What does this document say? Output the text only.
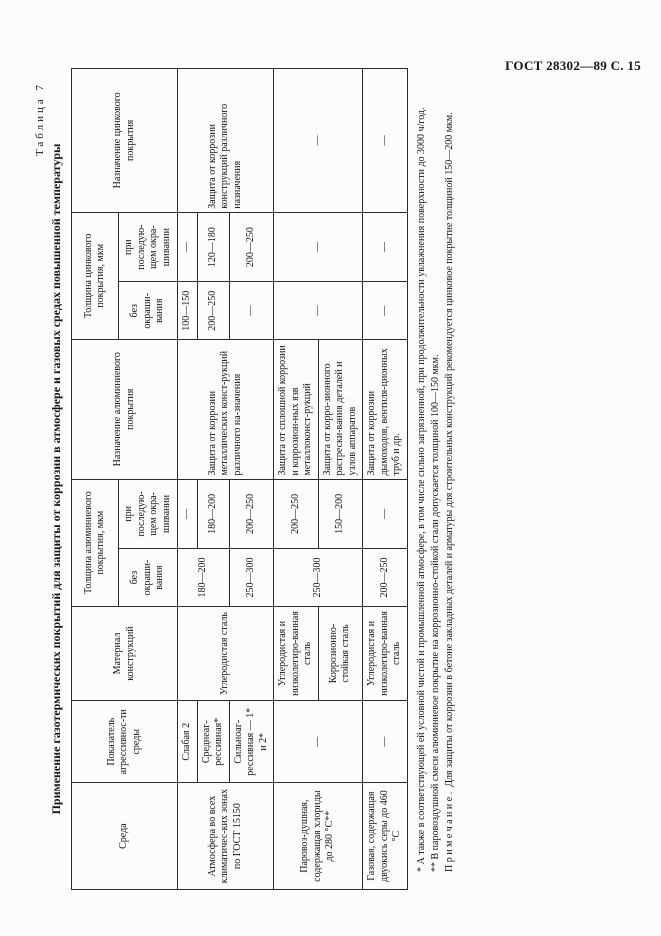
ГОСТ 28302—89 С. 15
Таблица 7
Применение газотермических покрытий для защиты от коррозии в атмосфере и газовых средах повышенной температуры
Среда	Показатель агрессивнос-ти среды	Материал конструкций	Толщина алюминиевого покрытия, мкм		Назначение алюминиевого покрытия	Толщина цинкового покрытия, мкм		Назначение цинкового покрытия
			без окраши-вания	при последую-щем окра-шивании		без окраши-вания	при последую-щем окра-шивании	
Атмосфера во всех климатичес-ких зонах по ГОСТ 15150	Слабая 2	Углеродистая сталь	180—200	—	Защита от коррозии металлических конст-рукций различного на-значения	100—150	—	Защита от коррозии конструкций различного назначения
	Среднеаг-рессивная*			180—200		200—250	120—180	
	Сильноаг-рессивная — 1* и 2*		250—300	200—250		—	200—250	
Паровоз-душная, содержащая хлориды до 280 °С**	—	Углеродистая и низколегиро-ванная сталь	250—300	200—250	Защита от сплошной коррозии и коррозион-ных язв металлоконст-рукций	—	—	—
		Коррозионно-стойкая сталь		150—200	Защита от корро-зионного растрески-вания деталей и узлов аппаратов			
Газовая, содержащая двуокись серы до 460 °С	—	Углеродистая и низколегиро-ванная сталь	200—250	—	Защита от коррозии дымоходов, вентиля-ционных труб и др.	—	—	—	* А также в соответствующей ей условной чистой и промышленной атмосфере, в том числе сильно загрязненной, при продолжительности увлажнения поверхности до 3000 ч/год. ** В паровоздушной смеси алюминиевое покрытие на коррозионно-стойкой стали допускается толщиной 100—150 мкм. Примечание. Для защиты от коррозии в бетоне закладных деталей и арматуры для строительных конструкций рекомендуется цинковое покрытие толщиной 150—200 мкм.
